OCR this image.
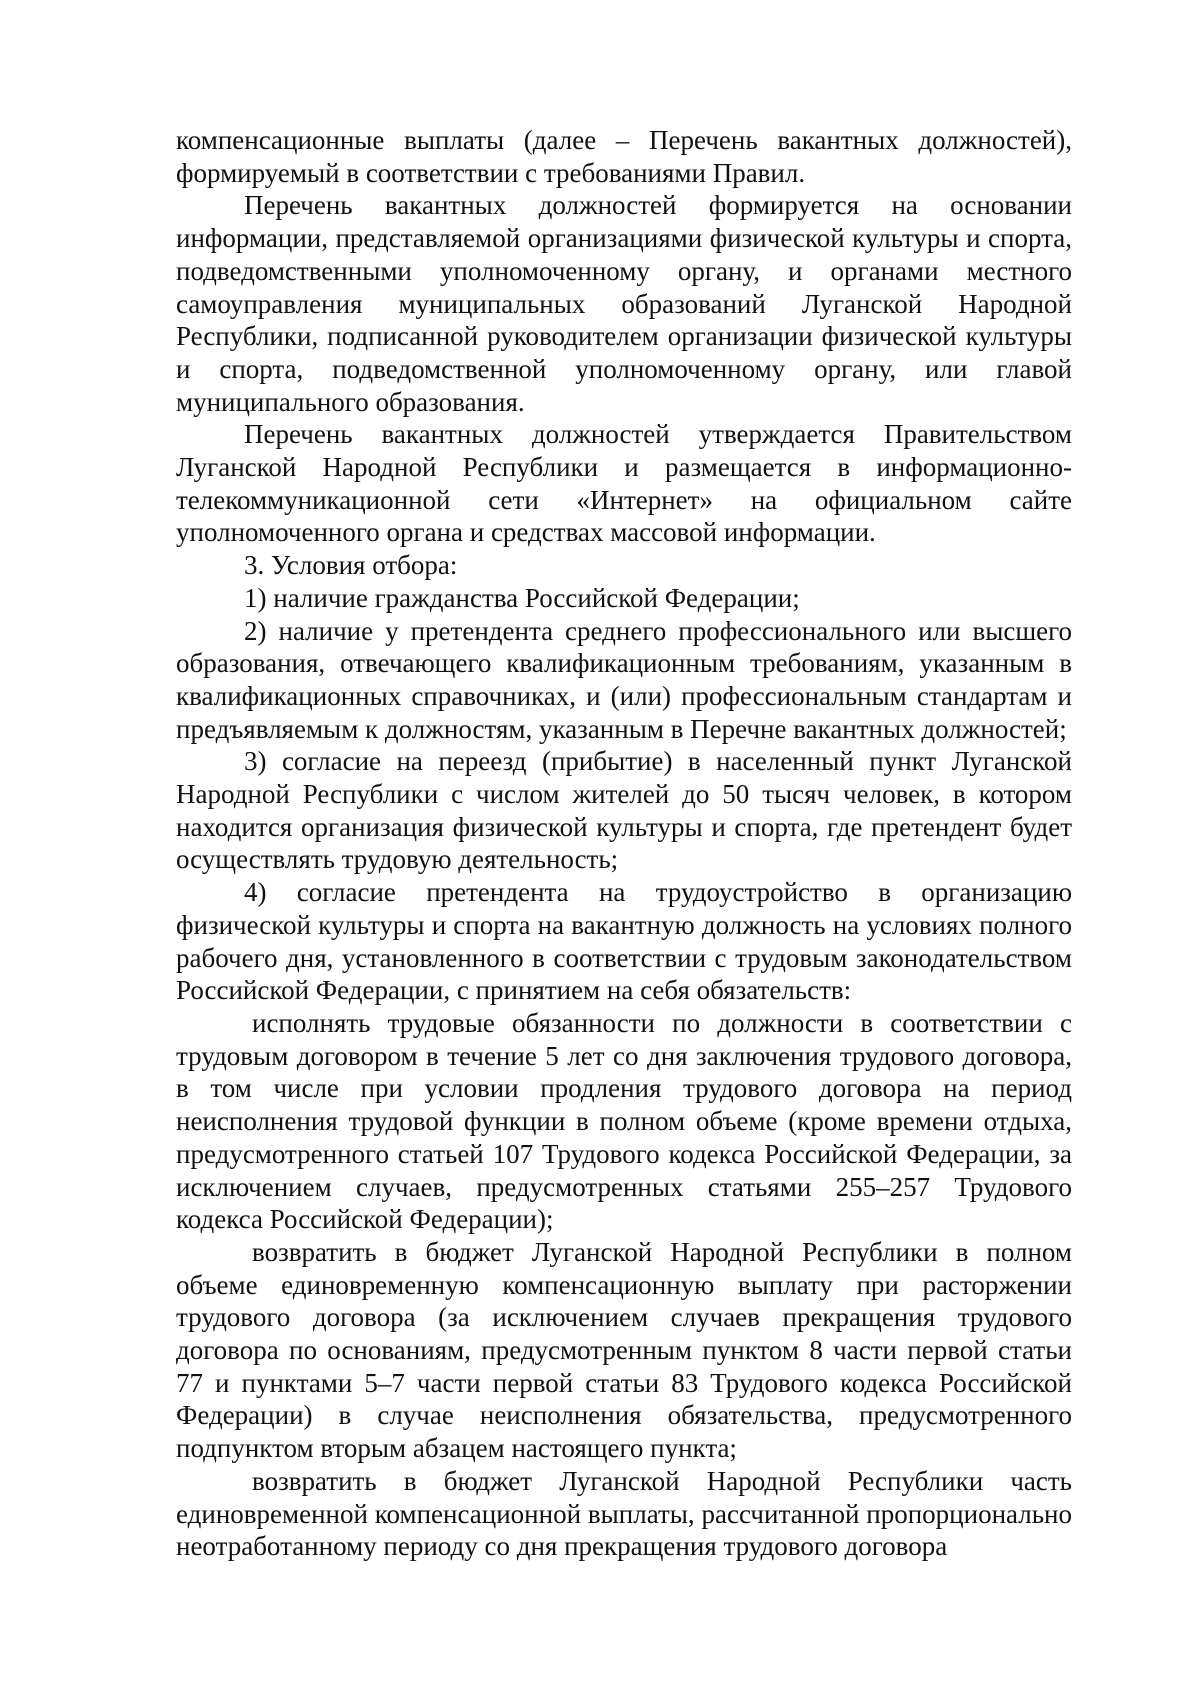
компенсационные выплаты (далее – Перечень вакантных должностей), формируемый в соответствии с требованиями Правил.

Перечень вакантных должностей формируется на основании информации, представляемой организациями физической культуры и спорта, подведомственными уполномоченному органу, и органами местного самоуправления муниципальных образований Луганской Народной Республики, подписанной руководителем организации физической культуры и спорта, подведомственной уполномоченному органу, или главой муниципального образования.

Перечень вакантных должностей утверждается Правительством Луганской Народной Республики и размещается в информационно-телекоммуникационной сети «Интернет» на официальном сайте уполномоченного органа и средствах массовой информации.

3. Условия отбора:

1) наличие гражданства Российской Федерации;

2) наличие у претендента среднего профессионального или высшего образования, отвечающего квалификационным требованиям, указанным в квалификационных справочниках, и (или) профессиональным стандартам и предъявляемым к должностям, указанным в Перечне вакантных должностей;

3) согласие на переезд (прибытие) в населенный пункт Луганской Народной Республики с числом жителей до 50 тысяч человек, в котором находится организация физической культуры и спорта, где претендент будет осуществлять трудовую деятельность;

4) согласие претендента на трудоустройство в организацию физической культуры и спорта на вакантную должность на условиях полного рабочего дня, установленного в соответствии с трудовым законодательством Российской Федерации, с принятием на себя обязательств:

исполнять трудовые обязанности по должности в соответствии с трудовым договором в течение 5 лет со дня заключения трудового договора, в том числе при условии продления трудового договора на период неисполнения трудовой функции в полном объеме (кроме времени отдыха, предусмотренного статьей 107 Трудового кодекса Российской Федерации, за исключением случаев, предусмотренных статьями 255–257 Трудового кодекса Российской Федерации);

возвратить в бюджет Луганской Народной Республики в полном объеме единовременную компенсационную выплату при расторжении трудового договора (за исключением случаев прекращения трудового договора по основаниям, предусмотренным пунктом 8 части первой статьи 77 и пунктами 5–7 части первой статьи 83 Трудового кодекса Российской Федерации) в случае неисполнения обязательства, предусмотренного подпунктом вторым абзацем настоящего пункта;

возвратить в бюджет Луганской Народной Республики часть единовременной компенсационной выплаты, рассчитанной пропорционально неотработанному периоду со дня прекращения трудового договора
